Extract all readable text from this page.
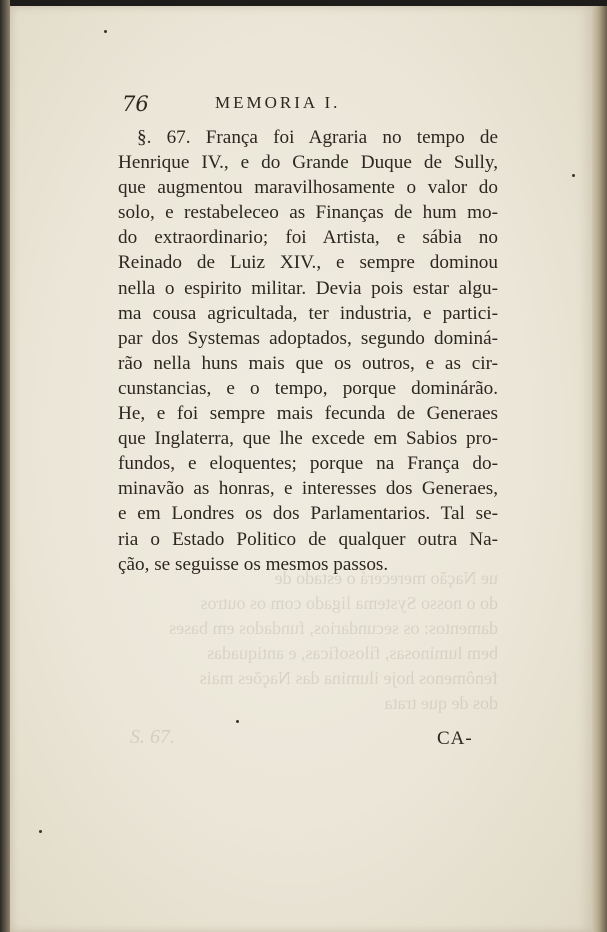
76	MEMORIA I.
ue Nação merecerá o estado de
do o nosso Systema ligado com os outros
damentos: os secundarios, fundados em bases
bem luminosas, filosoficas, e antiquadas
fenômenos hoje ilumina das Nações mais
dos de que trata
S. 67.
§. 67. França foi Agraria no tempo de
Henrique IV., e do Grande Duque de Sully,
que augmentou maravilhosamente o valor do
solo, e restabeleceo as Finanças de hum mo-
do extraordinario; foi Artista, e sábia no
Reinado de Luiz XIV., e sempre dominou
nella o espirito militar. Devia pois estar algu-
ma cousa agricultada, ter industria, e partici-
par dos Systemas adoptados, segundo dominá-
rão nella huns mais que os outros, e as cir-
cunstancias, e o tempo, porque dominárão.
He, e foi sempre mais fecunda de Generaes
que Inglaterra, que lhe excede em Sabios pro-
fundos, e eloquentes; porque na França do-
minavão as honras, e interesses dos Generaes,
e em Londres os dos Parlamentarios. Tal se-
ria o Estado Politico de qualquer outra Na-
ção, se seguisse os mesmos passos.
CA-
